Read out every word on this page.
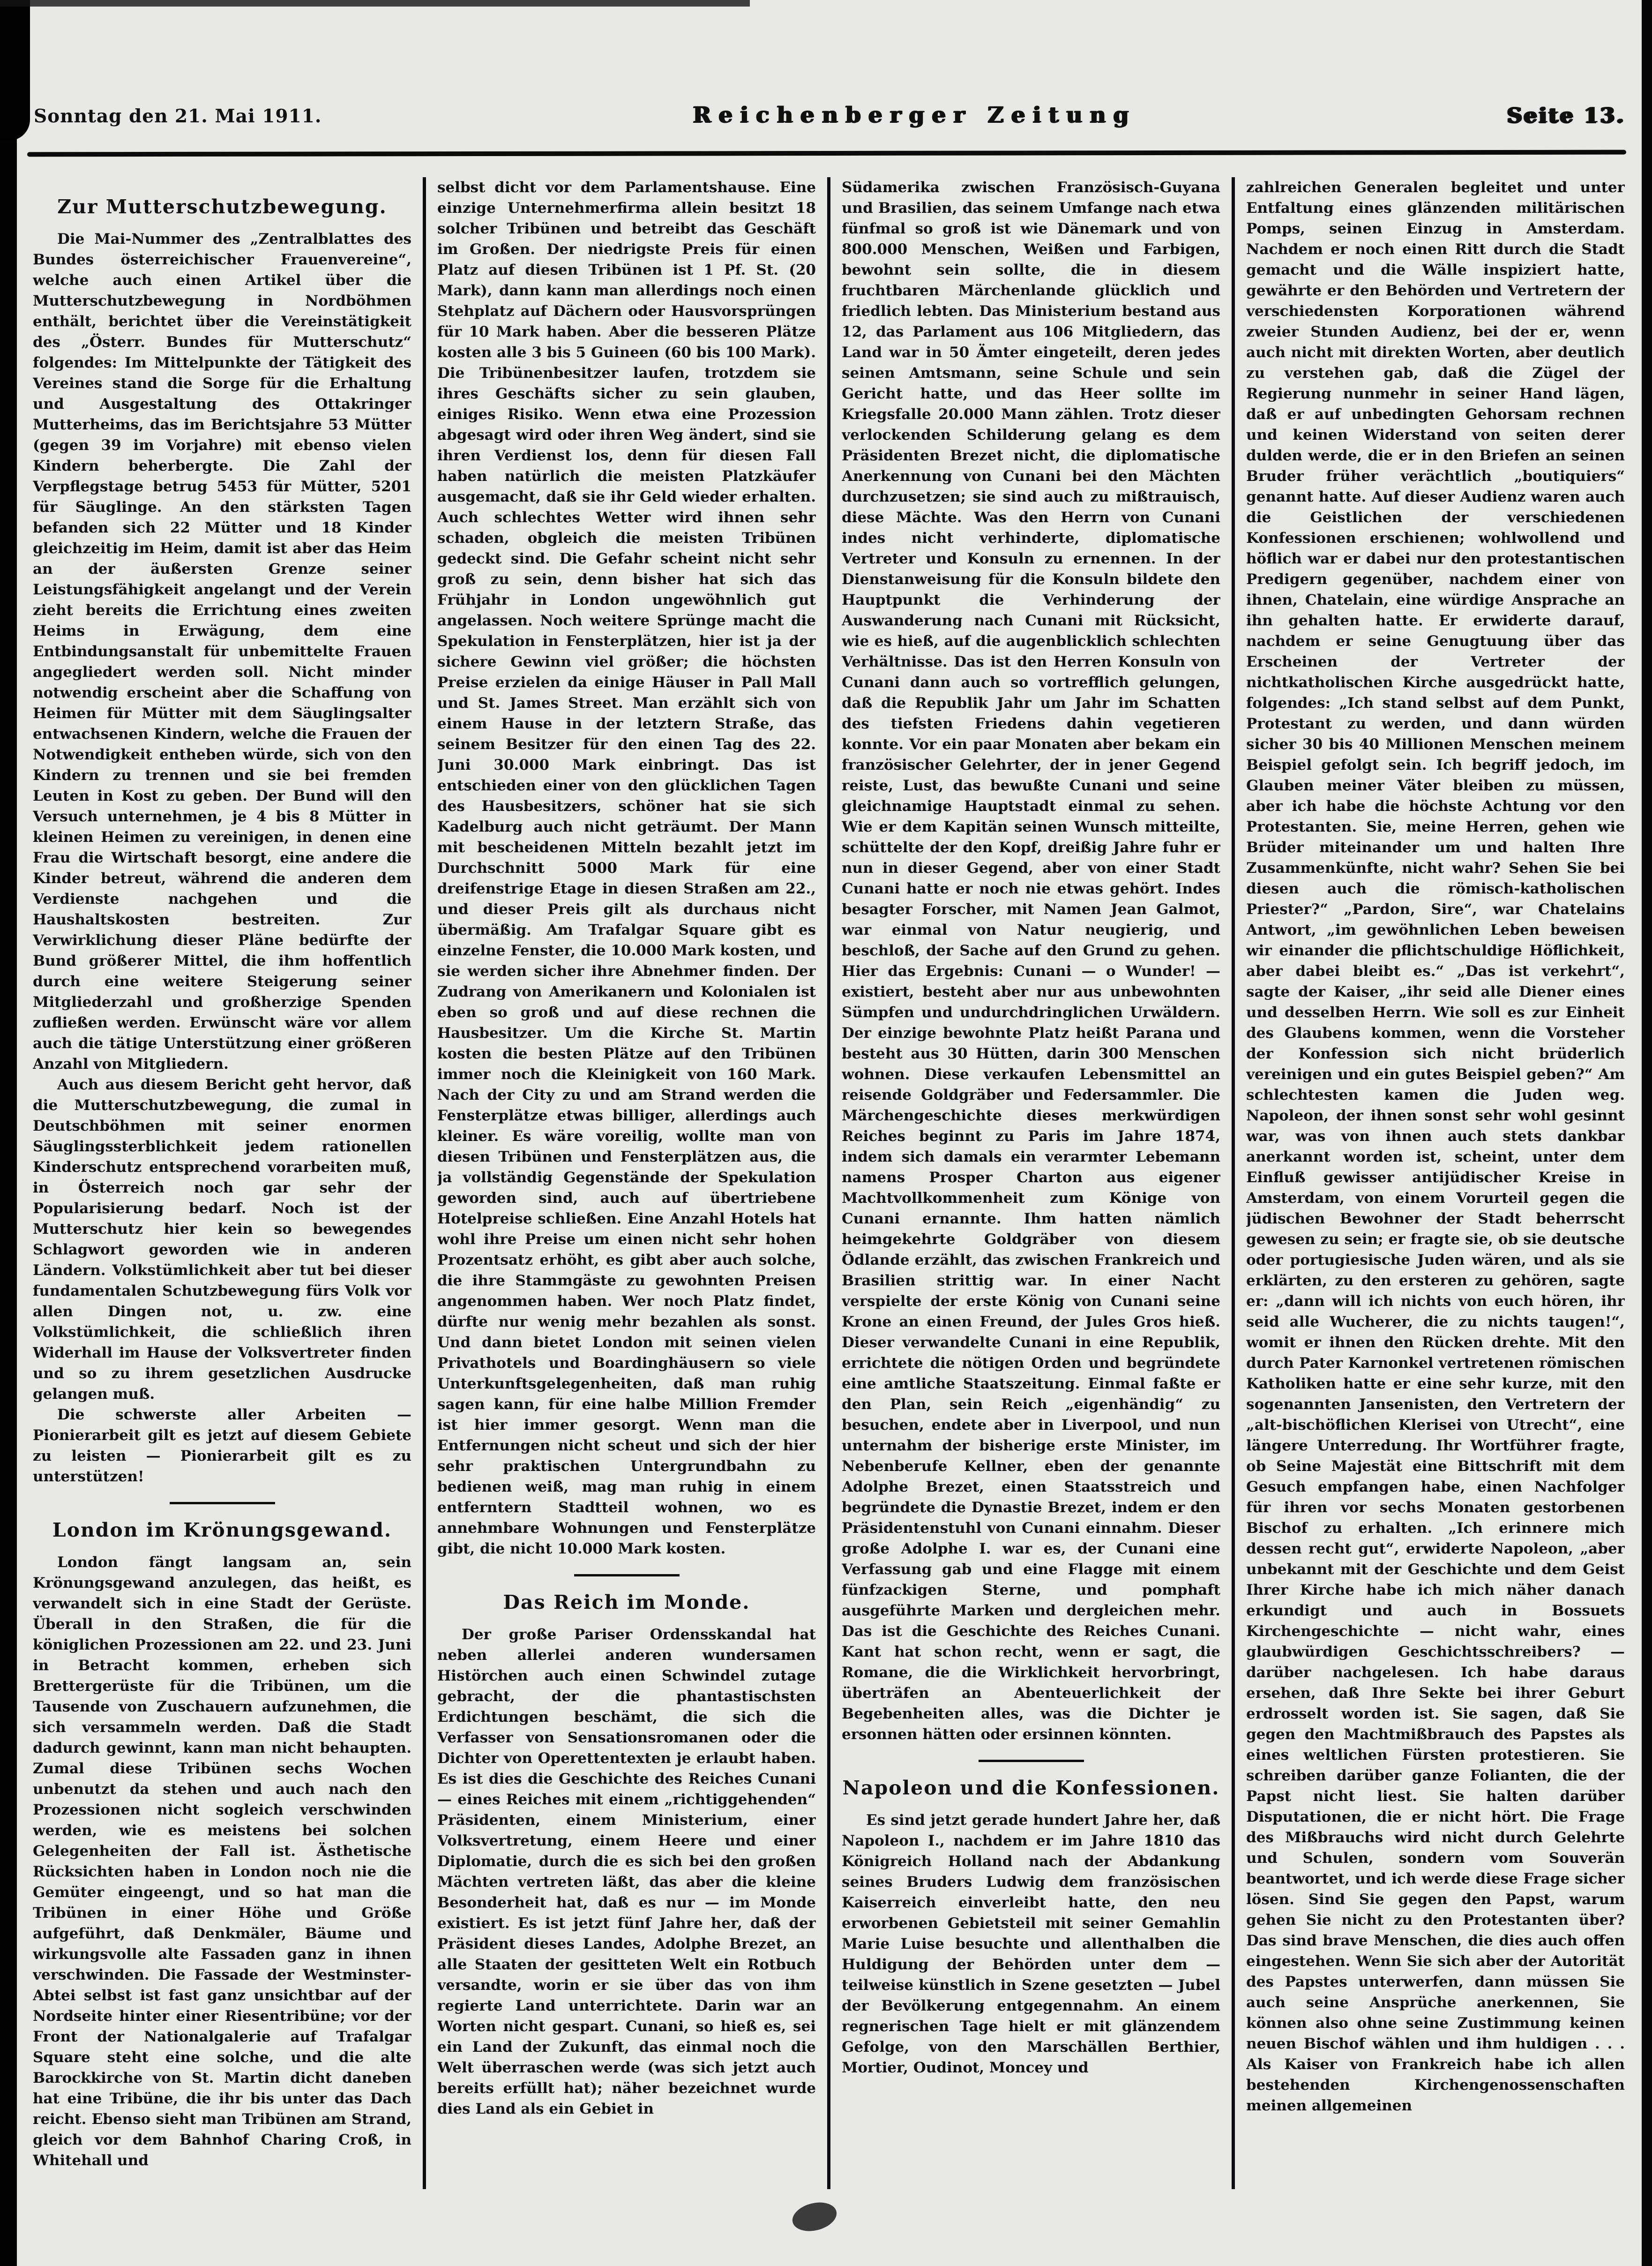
Sonntag den 21. Mai 1911.	Reichenberger Zeitung	Seite 13.
Zur Mutterschutzbewegung.

Die Mai-Nummer des „Zentralblattes des Bundes österreichischer Frauenvereine“, welche auch einen Artikel über die Mutterschutzbewegung in Nordböhmen enthält, berichtet über die Vereinstätigkeit des „Österr. Bundes für Mutterschutz“ folgendes: Im Mittelpunkte der Tätigkeit des Vereines stand die Sorge für die Erhaltung und Ausgestaltung des Ottakringer Mutterheims, das im Berichtsjahre 53 Mütter (gegen 39 im Vorjahre) mit ebenso vielen Kindern beherbergte. Die Zahl der Verpflegstage betrug 5453 für Mütter, 5201 für Säuglinge. An den stärksten Tagen befanden sich 22 Mütter und 18 Kinder gleichzeitig im Heim, damit ist aber das Heim an der äußersten Grenze seiner Leistungsfähigkeit angelangt und der Verein zieht bereits die Errichtung eines zweiten Heims in Erwägung, dem eine Entbindungsanstalt für unbemittelte Frauen angegliedert werden soll. Nicht minder notwendig erscheint aber die Schaffung von Heimen für Mütter mit dem Säuglingsalter entwachsenen Kindern, welche die Frauen der Notwendigkeit entheben würde, sich von den Kindern zu trennen und sie bei fremden Leuten in Kost zu geben. Der Bund will den Versuch unternehmen, je 4 bis 8 Mütter in kleinen Heimen zu vereinigen, in denen eine Frau die Wirtschaft besorgt, eine andere die Kinder betreut, während die anderen dem Verdienste nachgehen und die Haushaltskosten bestreiten. Zur Verwirklichung dieser Pläne bedürfte der Bund größerer Mittel, die ihm hoffentlich durch eine weitere Steigerung seiner Mitgliederzahl und großherzige Spenden zufließen werden. Erwünscht wäre vor allem auch die tätige Unterstützung einer größeren Anzahl von Mitgliedern.

Auch aus diesem Bericht geht hervor, daß die Mutterschutzbewegung, die zumal in Deutschböhmen mit seiner enormen Säuglingssterblichkeit jedem rationellen Kinderschutz entsprechend vorarbeiten muß, in Österreich noch gar sehr der Popularisierung bedarf. Noch ist der Mutterschutz hier kein so bewegendes Schlagwort geworden wie in anderen Ländern. Volkstümlichkeit aber tut bei dieser fundamentalen Schutzbewegung fürs Volk vor allen Dingen not, u. zw. eine Volkstümlichkeit, die schließlich ihren Widerhall im Hause der Volksvertreter finden und so zu ihrem gesetzlichen Ausdrucke gelangen muß.

Die schwerste aller Arbeiten — Pionierarbeit gilt es jetzt auf diesem Gebiete zu leisten — Pionierarbeit gilt es zu unterstützen!

London im Krönungsgewand.

London fängt langsam an, sein Krönungsgewand anzulegen, das heißt, es verwandelt sich in eine Stadt der Gerüste. Überall in den Straßen, die für die königlichen Prozessionen am 22. und 23. Juni in Betracht kommen, erheben sich Brettergerüste für die Tribünen, um die Tausende von Zuschauern aufzunehmen, die sich versammeln werden. Daß die Stadt dadurch gewinnt, kann man nicht behaupten. Zumal diese Tribünen sechs Wochen unbenutzt da stehen und auch nach den Prozessionen nicht sogleich verschwinden werden, wie es meistens bei solchen Gelegenheiten der Fall ist. Ästhetische Rücksichten haben in London noch nie die Gemüter eingeengt, und so hat man die Tribünen in einer Höhe und Größe aufgeführt, daß Denkmäler, Bäume und wirkungsvolle alte Fassaden ganz in ihnen verschwinden. Die Fassade der Westminster-Abtei selbst ist fast ganz unsichtbar auf der Nordseite hinter einer Riesentribüne; vor der Front der Nationalgalerie auf Trafalgar Square steht eine solche, und die alte Barockkirche von St. Martin dicht daneben hat eine Tribüne, die ihr bis unter das Dach reicht. Ebenso sieht man Tribünen am Strand, gleich vor dem Bahnhof Charing Croß, in Whitehall und

selbst dicht vor dem Parlamentshause. Eine einzige Unternehmerfirma allein besitzt 18 solcher Tribünen und betreibt das Geschäft im Großen. Der niedrigste Preis für einen Platz auf diesen Tribünen ist 1 Pf. St. (20 Mark), dann kann man allerdings noch einen Stehplatz auf Dächern oder Hausvorsprüngen für 10 Mark haben. Aber die besseren Plätze kosten alle 3 bis 5 Guineen (60 bis 100 Mark). Die Tribünenbesitzer laufen, trotzdem sie ihres Geschäfts sicher zu sein glauben, einiges Risiko. Wenn etwa eine Prozession abgesagt wird oder ihren Weg ändert, sind sie ihren Verdienst los, denn für diesen Fall haben natürlich die meisten Platzkäufer ausgemacht, daß sie ihr Geld wieder erhalten. Auch schlechtes Wetter wird ihnen sehr schaden, obgleich die meisten Tribünen gedeckt sind. Die Gefahr scheint nicht sehr groß zu sein, denn bisher hat sich das Frühjahr in London ungewöhnlich gut angelassen. Noch weitere Sprünge macht die Spekulation in Fensterplätzen, hier ist ja der sichere Gewinn viel größer; die höchsten Preise erzielen da einige Häuser in Pall Mall und St. James Street. Man erzählt sich von einem Hause in der letztern Straße, das seinem Besitzer für den einen Tag des 22. Juni 30.000 Mark einbringt. Das ist entschieden einer von den glücklichen Tagen des Hausbesitzers, schöner hat sie sich Kadelburg auch nicht geträumt. Der Mann mit bescheidenen Mitteln bezahlt jetzt im Durchschnitt 5000 Mark für eine dreifenstrige Etage in diesen Straßen am 22., und dieser Preis gilt als durchaus nicht übermäßig. Am Trafalgar Square gibt es einzelne Fenster, die 10.000 Mark kosten, und sie werden sicher ihre Abnehmer finden. Der Zudrang von Amerikanern und Kolonialen ist eben so groß und auf diese rechnen die Hausbesitzer. Um die Kirche St. Martin kosten die besten Plätze auf den Tribünen immer noch die Kleinigkeit von 160 Mark. Nach der City zu und am Strand werden die Fensterplätze etwas billiger, allerdings auch kleiner. Es wäre voreilig, wollte man von diesen Tribünen und Fensterplätzen aus, die ja vollständig Gegenstände der Spekulation geworden sind, auch auf übertriebene Hotelpreise schließen. Eine Anzahl Hotels hat wohl ihre Preise um einen nicht sehr hohen Prozentsatz erhöht, es gibt aber auch solche, die ihre Stammgäste zu gewohnten Preisen angenommen haben. Wer noch Platz findet, dürfte nur wenig mehr bezahlen als sonst. Und dann bietet London mit seinen vielen Privathotels und Boardinghäusern so viele Unterkunftsgelegenheiten, daß man ruhig sagen kann, für eine halbe Million Fremder ist hier immer gesorgt. Wenn man die Entfernungen nicht scheut und sich der hier sehr praktischen Untergrundbahn zu bedienen weiß, mag man ruhig in einem entferntern Stadtteil wohnen, wo es annehmbare Wohnungen und Fensterplätze gibt, die nicht 10.000 Mark kosten.

Das Reich im Monde.

Der große Pariser Ordensskandal hat neben allerlei anderen wundersamen Histörchen auch einen Schwindel zutage gebracht, der die phantastischsten Erdichtungen beschämt, die sich die Verfasser von Sensationsromanen oder die Dichter von Operettentexten je erlaubt haben. Es ist dies die Geschichte des Reiches Cunani — eines Reiches mit einem „richtiggehenden“ Präsidenten, einem Ministerium, einer Volksvertretung, einem Heere und einer Diplomatie, durch die es sich bei den großen Mächten vertreten läßt, das aber die kleine Besonderheit hat, daß es nur — im Monde existiert. Es ist jetzt fünf Jahre her, daß der Präsident dieses Landes, Adolphe Brezet, an alle Staaten der gesitteten Welt ein Rotbuch versandte, worin er sie über das von ihm regierte Land unterrichtete. Darin war an Worten nicht gespart. Cunani, so hieß es, sei ein Land der Zukunft, das einmal noch die Welt überraschen werde (was sich jetzt auch bereits erfüllt hat); näher bezeichnet wurde dies Land als ein Gebiet in

Südamerika zwischen Französisch-Guyana und Brasilien, das seinem Umfange nach etwa fünfmal so groß ist wie Dänemark und von 800.000 Menschen, Weißen und Farbigen, bewohnt sein sollte, die in diesem fruchtbaren Märchenlande glücklich und friedlich lebten. Das Ministerium bestand aus 12, das Parlament aus 106 Mitgliedern, das Land war in 50 Ämter eingeteilt, deren jedes seinen Amtsmann, seine Schule und sein Gericht hatte, und das Heer sollte im Kriegsfalle 20.000 Mann zählen. Trotz dieser verlockenden Schilderung gelang es dem Präsidenten Brezet nicht, die diplomatische Anerkennung von Cunani bei den Mächten durchzusetzen; sie sind auch zu mißtrauisch, diese Mächte. Was den Herrn von Cunani indes nicht verhinderte, diplomatische Vertreter und Konsuln zu ernennen. In der Dienstanweisung für die Konsuln bildete den Hauptpunkt die Verhinderung der Auswanderung nach Cunani mit Rücksicht, wie es hieß, auf die augenblicklich schlechten Verhältnisse. Das ist den Herren Konsuln von Cunani dann auch so vortrefflich gelungen, daß die Republik Jahr um Jahr im Schatten des tiefsten Friedens dahin vegetieren konnte. Vor ein paar Monaten aber bekam ein französischer Gelehrter, der in jener Gegend reiste, Lust, das bewußte Cunani und seine gleichnamige Hauptstadt einmal zu sehen. Wie er dem Kapitän seinen Wunsch mitteilte, schüttelte der den Kopf, dreißig Jahre fuhr er nun in dieser Gegend, aber von einer Stadt Cunani hatte er noch nie etwas gehört. Indes besagter Forscher, mit Namen Jean Galmot, war einmal von Natur neugierig, und beschloß, der Sache auf den Grund zu gehen. Hier das Ergebnis: Cunani — o Wunder! — existiert, besteht aber nur aus unbewohnten Sümpfen und undurchdringlichen Urwäldern. Der einzige bewohnte Platz heißt Parana und besteht aus 30 Hütten, darin 300 Menschen wohnen. Diese verkaufen Lebensmittel an reisende Goldgräber und Federsammler. Die Märchengeschichte dieses merkwürdigen Reiches beginnt zu Paris im Jahre 1874, indem sich damals ein verarmter Lebemann namens Prosper Charton aus eigener Machtvollkommenheit zum Könige von Cunani ernannte. Ihm hatten nämlich heimgekehrte Goldgräber von diesem Ödlande erzählt, das zwischen Frankreich und Brasilien strittig war. In einer Nacht verspielte der erste König von Cunani seine Krone an einen Freund, der Jules Gros hieß. Dieser verwandelte Cunani in eine Republik, errichtete die nötigen Orden und begründete eine amtliche Staatszeitung. Einmal faßte er den Plan, sein Reich „eigenhändig“ zu besuchen, endete aber in Liverpool, und nun unternahm der bisherige erste Minister, im Nebenberufe Kellner, eben der genannte Adolphe Brezet, einen Staatsstreich und begründete die Dynastie Brezet, indem er den Präsidentenstuhl von Cunani einnahm. Dieser große Adolphe I. war es, der Cunani eine Verfassung gab und eine Flagge mit einem fünfzackigen Sterne, und pomphaft ausgeführte Marken und dergleichen mehr. Das ist die Geschichte des Reiches Cunani. Kant hat schon recht, wenn er sagt, die Romane, die die Wirklichkeit hervorbringt, überträfen an Abenteuerlichkeit der Begebenheiten alles, was die Dichter je ersonnen hätten oder ersinnen könnten.

Napoleon und die Konfessionen.

Es sind jetzt gerade hundert Jahre her, daß Napoleon I., nachdem er im Jahre 1810 das Königreich Holland nach der Abdankung seines Bruders Ludwig dem französischen Kaiserreich einverleibt hatte, den neu erworbenen Gebietsteil mit seiner Gemahlin Marie Luise besuchte und allenthalben die Huldigung der Behörden unter dem — teilweise künstlich in Szene gesetzten — Jubel der Bevölkerung entgegennahm. An einem regnerischen Tage hielt er mit glänzendem Gefolge, von den Marschällen Berthier, Mortier, Oudinot, Moncey und

zahlreichen Generalen begleitet und unter Entfaltung eines glänzenden militärischen Pomps, seinen Einzug in Amsterdam. Nachdem er noch einen Ritt durch die Stadt gemacht und die Wälle inspiziert hatte, gewährte er den Behörden und Vertretern der verschiedensten Korporationen während zweier Stunden Audienz, bei der er, wenn auch nicht mit direkten Worten, aber deutlich zu verstehen gab, daß die Zügel der Regierung nunmehr in seiner Hand lägen, daß er auf unbedingten Gehorsam rechnen und keinen Widerstand von seiten derer dulden werde, die er in den Briefen an seinen Bruder früher verächtlich „boutiquiers“ genannt hatte. Auf dieser Audienz waren auch die Geistlichen der verschiedenen Konfessionen erschienen; wohlwollend und höflich war er dabei nur den protestantischen Predigern gegenüber, nachdem einer von ihnen, Chatelain, eine würdige Ansprache an ihn gehalten hatte. Er erwiderte darauf, nachdem er seine Genugtuung über das Erscheinen der Vertreter der nichtkatholischen Kirche ausgedrückt hatte, folgendes: „Ich stand selbst auf dem Punkt, Protestant zu werden, und dann würden sicher 30 bis 40 Millionen Menschen meinem Beispiel gefolgt sein. Ich begriff jedoch, im Glauben meiner Väter bleiben zu müssen, aber ich habe die höchste Achtung vor den Protestanten. Sie, meine Herren, gehen wie Brüder miteinander um und halten Ihre Zusammenkünfte, nicht wahr? Sehen Sie bei diesen auch die römisch-katholischen Priester?“ „Pardon, Sire“, war Chatelains Antwort, „im gewöhnlichen Leben beweisen wir einander die pflichtschuldige Höflichkeit, aber dabei bleibt es.“ „Das ist verkehrt“, sagte der Kaiser, „ihr seid alle Diener eines und desselben Herrn. Wie soll es zur Einheit des Glaubens kommen, wenn die Vorsteher der Konfession sich nicht brüderlich vereinigen und ein gutes Beispiel geben?“ Am schlechtesten kamen die Juden weg. Napoleon, der ihnen sonst sehr wohl gesinnt war, was von ihnen auch stets dankbar anerkannt worden ist, scheint, unter dem Einfluß gewisser antijüdischer Kreise in Amsterdam, von einem Vorurteil gegen die jüdischen Bewohner der Stadt beherrscht gewesen zu sein; er fragte sie, ob sie deutsche oder portugiesische Juden wären, und als sie erklärten, zu den ersteren zu gehören, sagte er: „dann will ich nichts von euch hören, ihr seid alle Wucherer, die zu nichts taugen!“, womit er ihnen den Rücken drehte. Mit den durch Pater Karnonkel vertretenen römischen Katholiken hatte er eine sehr kurze, mit den sogenannten Jansenisten, den Vertretern der „alt-bischöflichen Klerisei von Utrecht“, eine längere Unterredung. Ihr Wortführer fragte, ob Seine Majestät eine Bittschrift mit dem Gesuch empfangen habe, einen Nachfolger für ihren vor sechs Monaten gestorbenen Bischof zu erhalten. „Ich erinnere mich dessen recht gut“, erwiderte Napoleon, „aber unbekannt mit der Geschichte und dem Geist Ihrer Kirche habe ich mich näher danach erkundigt und auch in Bossuets Kirchengeschichte — nicht wahr, eines glaubwürdigen Geschichtsschreibers? — darüber nachgelesen. Ich habe daraus ersehen, daß Ihre Sekte bei ihrer Geburt erdrosselt worden ist. Sie sagen, daß Sie gegen den Machtmißbrauch des Papstes als eines weltlichen Fürsten protestieren. Sie schreiben darüber ganze Folianten, die der Papst nicht liest. Sie halten darüber Disputationen, die er nicht hört. Die Frage des Mißbrauchs wird nicht durch Gelehrte und Schulen, sondern vom Souverän beantwortet, und ich werde diese Frage sicher lösen. Sind Sie gegen den Papst, warum gehen Sie nicht zu den Protestanten über? Das sind brave Menschen, die dies auch offen eingestehen. Wenn Sie sich aber der Autorität des Papstes unterwerfen, dann müssen Sie auch seine Ansprüche anerkennen, Sie können also ohne seine Zustimmung keinen neuen Bischof wählen und ihm huldigen . . . Als Kaiser von Frankreich habe ich allen bestehenden Kirchengenossenschaften meinen allgemeinen
